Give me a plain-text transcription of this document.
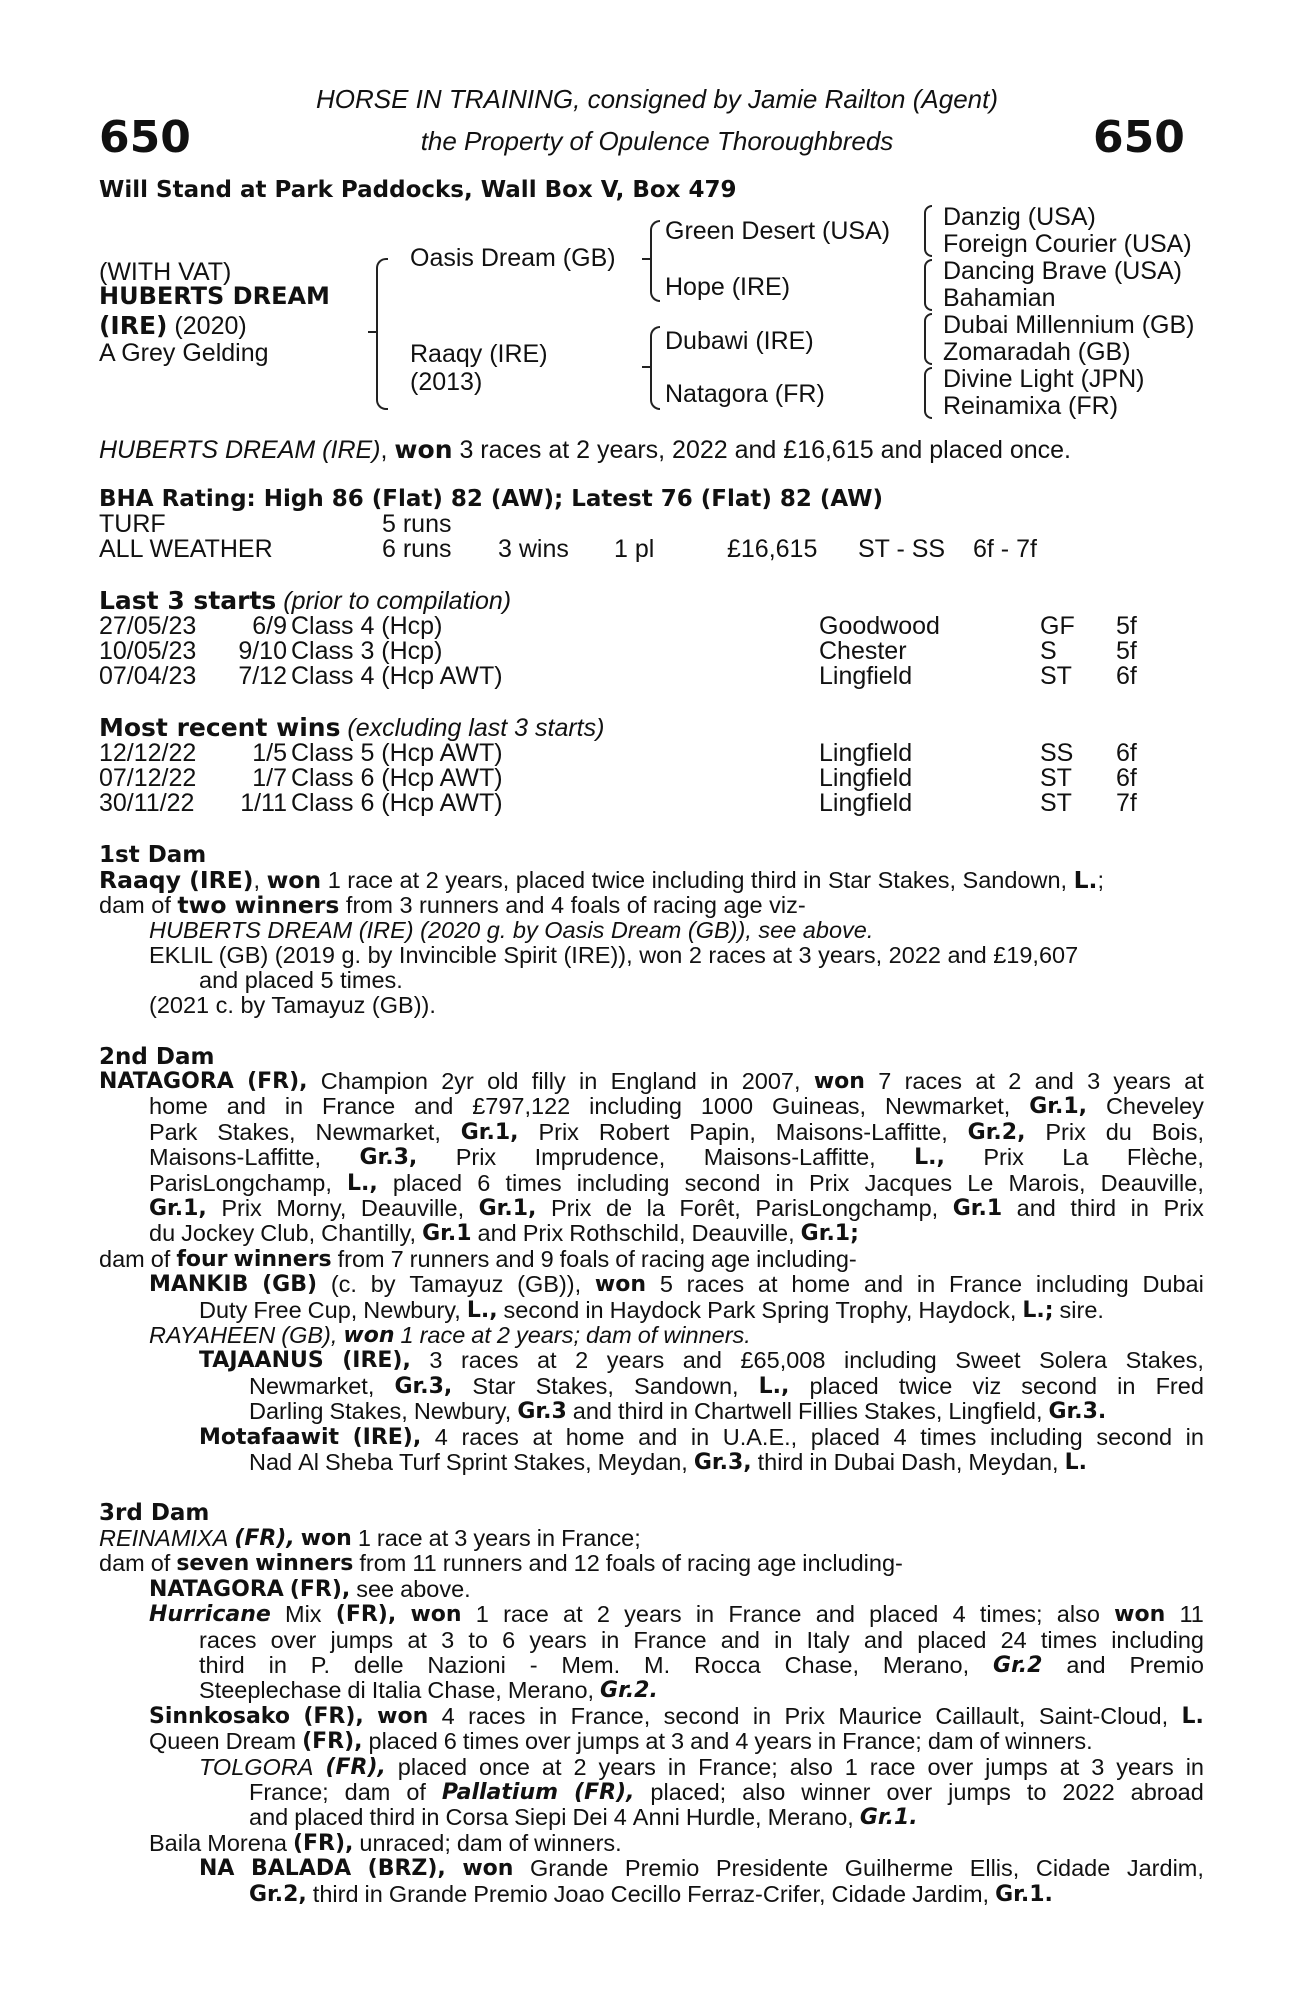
650	650
HORSE IN TRAINING, consigned by Jamie Railton (Agent)
the Property of Opulence Thoroughbreds
Will Stand at Park Paddocks, Wall Box V, Box 479
(WITH VAT)
HUBERTS DREAM
(IRE) (2020)
A Grey Gelding
Oasis Dream (GB)
Raaqy (IRE)
(2013)
Green Desert (USA)
Hope (IRE)
Dubawi (IRE)
Natagora (FR)
Danzig (USA)
Foreign Courier (USA)
Dancing Brave (USA)
Bahamian
Dubai Millennium (GB)
Zomaradah (GB)
Divine Light (JPN)
Reinamixa (FR)
HUBERTS DREAM (IRE), won 3 races at 2 years, 2022 and £16,615 and placed once.
BHA Rating: High 86 (Flat) 82 (AW); Latest 76 (Flat) 82 (AW)
TURF	5 runs
ALL WEATHER	6 runs 3 wins 1 pl	£16,615 ST - SS 6f - 7f
Last 3 starts (prior to compilation)
27/05/23	6/9 Class 4 (Hcp)	Goodwood	GF 5f
10/05/23	9/10 Class 3 (Hcp)	Chester	S 5f
07/04/23	7/12 Class 4 (Hcp AWT)	Lingfield	ST 6f
Most recent wins (excluding last 3 starts)
12/12/22	1/5 Class 5 (Hcp AWT)	Lingfield	SS 6f
07/12/22	1/7 Class 6 (Hcp AWT)	Lingfield	ST 6f
30/11/22	1/11 Class 6 (Hcp AWT)	Lingfield	ST 7f
1st Dam
Raaqy (IRE), won 1 race at 2 years, placed twice including third in Star Stakes, Sandown, L.;
dam of two winners from 3 runners and 4 foals of racing age viz-
HUBERTS DREAM (IRE) (2020 g. by Oasis Dream (GB)), see above.
EKLIL (GB) (2019 g. by Invincible Spirit (IRE)), won 2 races at 3 years, 2022 and £19,607
and placed 5 times.
(2021 c. by Tamayuz (GB)).
2nd Dam
NATAGORA (FR), Champion 2yr old filly in England in 2007, won 7 races at 2 and 3 years at
home and in France and £797,122 including 1000 Guineas, Newmarket, Gr.1, Cheveley
Park Stakes, Newmarket, Gr.1, Prix Robert Papin, Maisons-Laffitte, Gr.2, Prix du Bois,
Maisons-Laffitte, Gr.3, Prix Imprudence, Maisons-Laffitte, L., Prix La Flèche,
ParisLongchamp, L., placed 6 times including second in Prix Jacques Le Marois, Deauville,
Gr.1, Prix Morny, Deauville, Gr.1, Prix de la Forêt, ParisLongchamp, Gr.1 and third in Prix
du Jockey Club, Chantilly, Gr.1 and Prix Rothschild, Deauville, Gr.1;
dam of four winners from 7 runners and 9 foals of racing age including-
MANKIB (GB) (c. by Tamayuz (GB)), won 5 races at home and in France including Dubai
Duty Free Cup, Newbury, L., second in Haydock Park Spring Trophy, Haydock, L.; sire.
RAYAHEEN (GB), won 1 race at 2 years; dam of winners.
TAJAANUS (IRE), 3 races at 2 years and £65,008 including Sweet Solera Stakes,
Newmarket, Gr.3, Star Stakes, Sandown, L., placed twice viz second in Fred
Darling Stakes, Newbury, Gr.3 and third in Chartwell Fillies Stakes, Lingfield, Gr.3.
Motafaawit (IRE), 4 races at home and in U.A.E., placed 4 times including second in
Nad Al Sheba Turf Sprint Stakes, Meydan, Gr.3, third in Dubai Dash, Meydan, L.
3rd Dam
REINAMIXA (FR), won 1 race at 3 years in France;
dam of seven winners from 11 runners and 12 foals of racing age including-
NATAGORA (FR), see above.
Hurricane Mix (FR), won 1 race at 2 years in France and placed 4 times; also won 11
races over jumps at 3 to 6 years in France and in Italy and placed 24 times including
third in P. delle Nazioni - Mem. M. Rocca Chase, Merano, Gr.2 and Premio
Steeplechase di Italia Chase, Merano, Gr.2.
Sinnkosako (FR), won 4 races in France, second in Prix Maurice Caillault, Saint-Cloud, L.
Queen Dream (FR), placed 6 times over jumps at 3 and 4 years in France; dam of winners.
TOLGORA (FR), placed once at 2 years in France; also 1 race over jumps at 3 years in
France; dam of Pallatium (FR), placed; also winner over jumps to 2022 abroad
and placed third in Corsa Siepi Dei 4 Anni Hurdle, Merano, Gr.1.
Baila Morena (FR), unraced; dam of winners.
NA BALADA (BRZ), won Grande Premio Presidente Guilherme Ellis, Cidade Jardim,
Gr.2, third in Grande Premio Joao Cecillo Ferraz-Crifer, Cidade Jardim, Gr.1.
